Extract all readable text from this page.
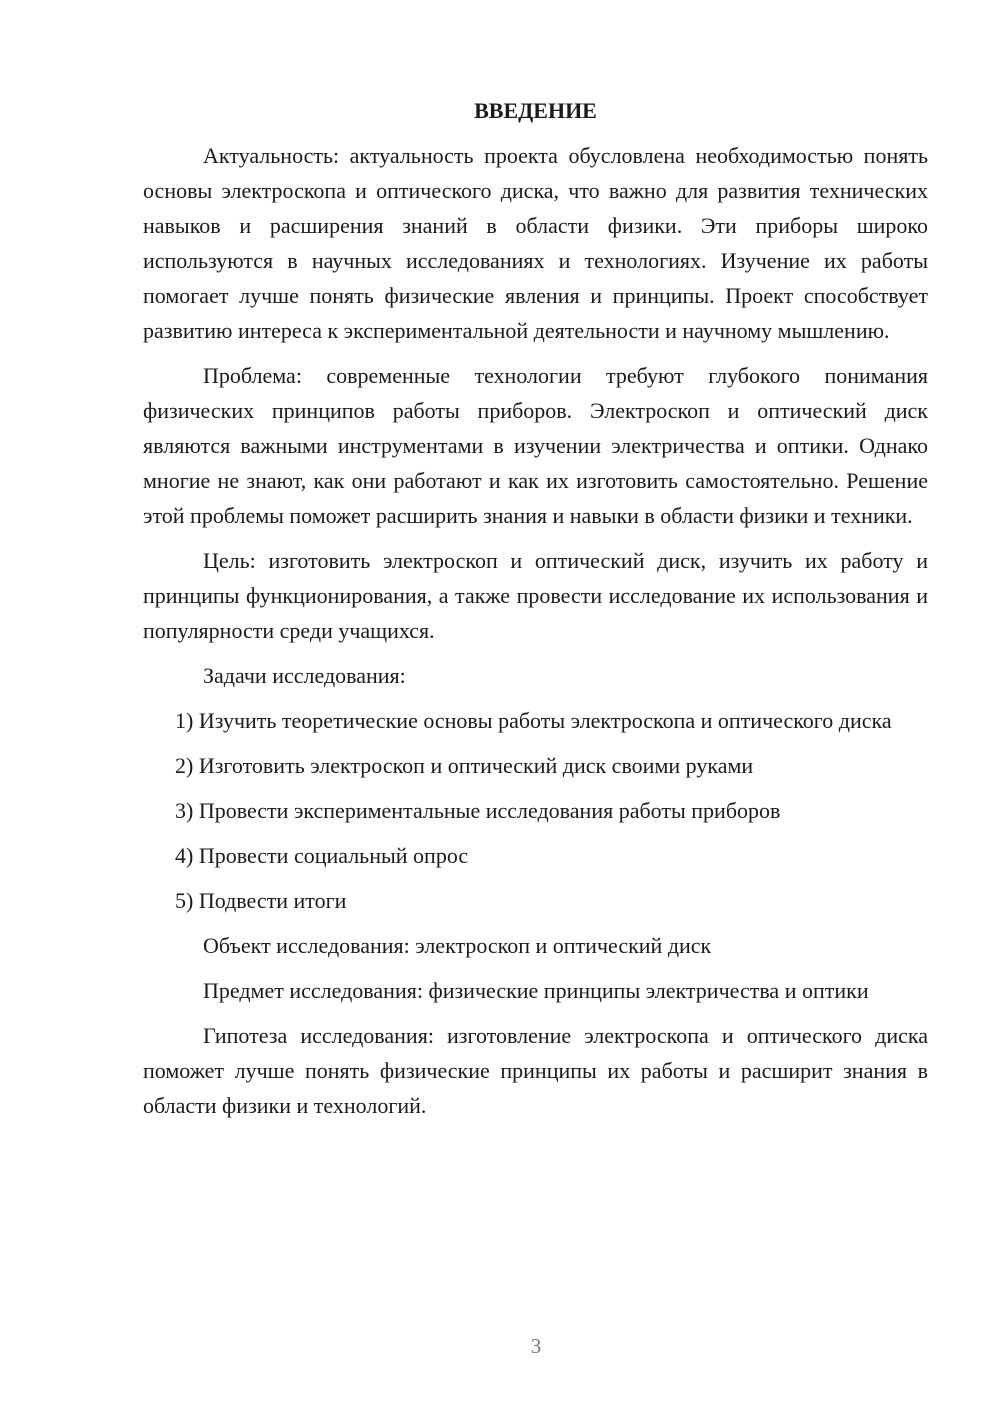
ВВЕДЕНИЕ

Актуальность: актуальность проекта обусловлена необходимостью понять основы электроскопа и оптического диска, что важно для развития технических навыков и расширения знаний в области физики. Эти приборы широко используются в научных исследованиях и технологиях. Изучение их работы помогает лучше понять физические явления и принципы. Проект способствует развитию интереса к экспериментальной деятельности и научному мышлению.

Проблема: современные технологии требуют глубокого понимания физических принципов работы приборов. Электроскоп и оптический диск являются важными инструментами в изучении электричества и оптики. Однако многие не знают, как они работают и как их изготовить самостоятельно. Решение этой проблемы поможет расширить знания и навыки в области физики и техники.

Цель: изготовить электроскоп и оптический диск, изучить их работу и принципы функционирования, а также провести исследование их использования и популярности среди учащихся.

Задачи исследования:

1) Изучить теоретические основы работы электроскопа и оптического диска

2) Изготовить электроскоп и оптический диск своими руками

3) Провести экспериментальные исследования работы приборов

4) Провести социальный опрос

5) Подвести итоги

Объект исследования: электроскоп и оптический диск

Предмет исследования: физические принципы электричества и оптики

Гипотеза исследования: изготовление электроскопа и оптического диска поможет лучше понять физические принципы их работы и расширит знания в области физики и технологий.

3
